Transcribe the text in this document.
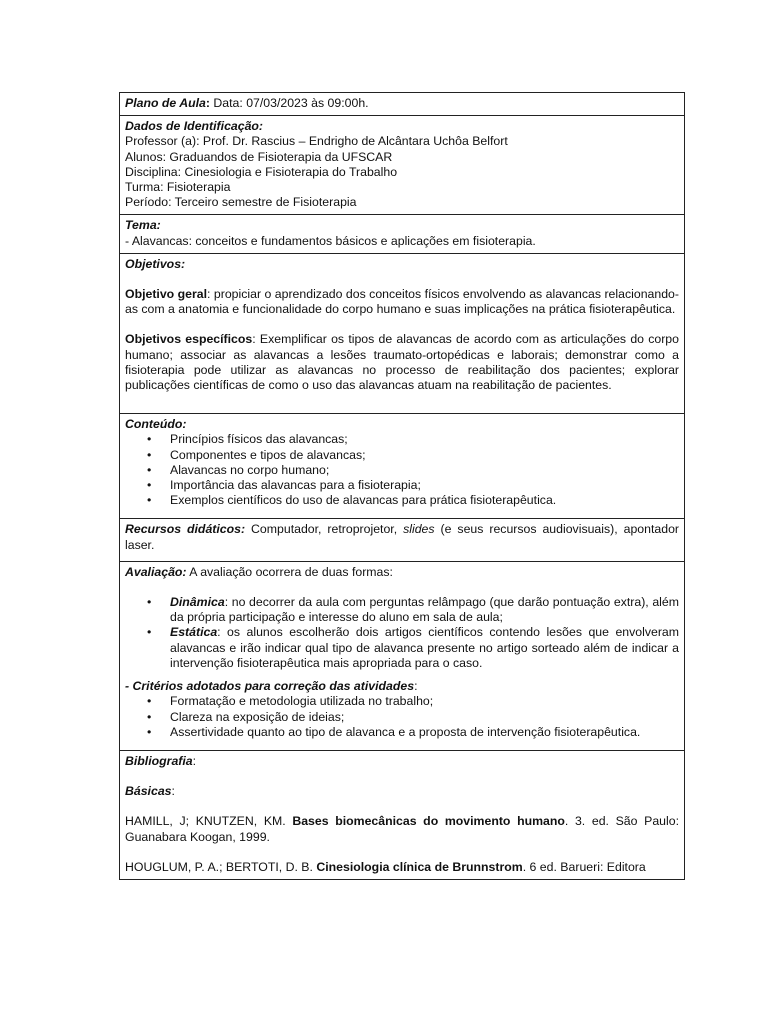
Plano de Aula: Data: 07/03/2023 às 09:00h.

Dados de Identificação:

Professor (a): Prof. Dr. Rascius – Endrigho de Alcântara Uchôa Belfort

Alunos: Graduandos de Fisioterapia da UFSCAR

Disciplina: Cinesiologia e Fisioterapia do Trabalho

Turma: Fisioterapia

Período: Terceiro semestre de Fisioterapia

Tema:

- Alavancas: conceitos e fundamentos básicos e aplicações em fisioterapia.

Objetivos:

Objetivo geral: propiciar o aprendizado dos conceitos físicos envolvendo as alavancas relacionando-as com a anatomia e funcionalidade do corpo humano e suas implicações na prática fisioterapêutica.

Objetivos específicos: Exemplificar os tipos de alavancas de acordo com as articulações do corpo humano; associar as alavancas a lesões traumato-ortopédicas e laborais; demonstrar como a fisioterapia pode utilizar as alavancas no processo de reabilitação dos pacientes; explorar publicações científicas de como o uso das alavancas atuam na reabilitação de pacientes.

Conteúdo:

• Princípios físicos das alavancas;
• Componentes e tipos de alavancas;
• Alavancas no corpo humano;
• Importância das alavancas para a fisioterapia;
• Exemplos científicos do uso de alavancas para prática fisioterapêutica.

Recursos didáticos: Computador, retroprojetor, slides (e seus recursos audiovisuais), apontador laser.

Avaliação: A avaliação ocorrera de duas formas:

• Dinâmica: no decorrer da aula com perguntas relâmpago (que darão pontuação extra), além da própria participação e interesse do aluno em sala de aula;
• Estática: os alunos escolherão dois artigos científicos contendo lesões que envolveram alavancas e irão indicar qual tipo de alavanca presente no artigo sorteado além de indicar a intervenção fisioterapêutica mais apropriada para o caso.

- Critérios adotados para correção das atividades:

• Formatação e metodologia utilizada no trabalho;
• Clareza na exposição de ideias;
• Assertividade quanto ao tipo de alavanca e a proposta de intervenção fisioterapêutica.

Bibliografia:

Básicas:

HAMILL, J; KNUTZEN, KM. Bases biomecânicas do movimento humano. 3. ed. São Paulo: Guanabara Koogan, 1999.

HOUGLUM, P. A.; BERTOTI, D. B. Cinesiologia clínica de Brunnstrom. 6 ed. Barueri: Editora
